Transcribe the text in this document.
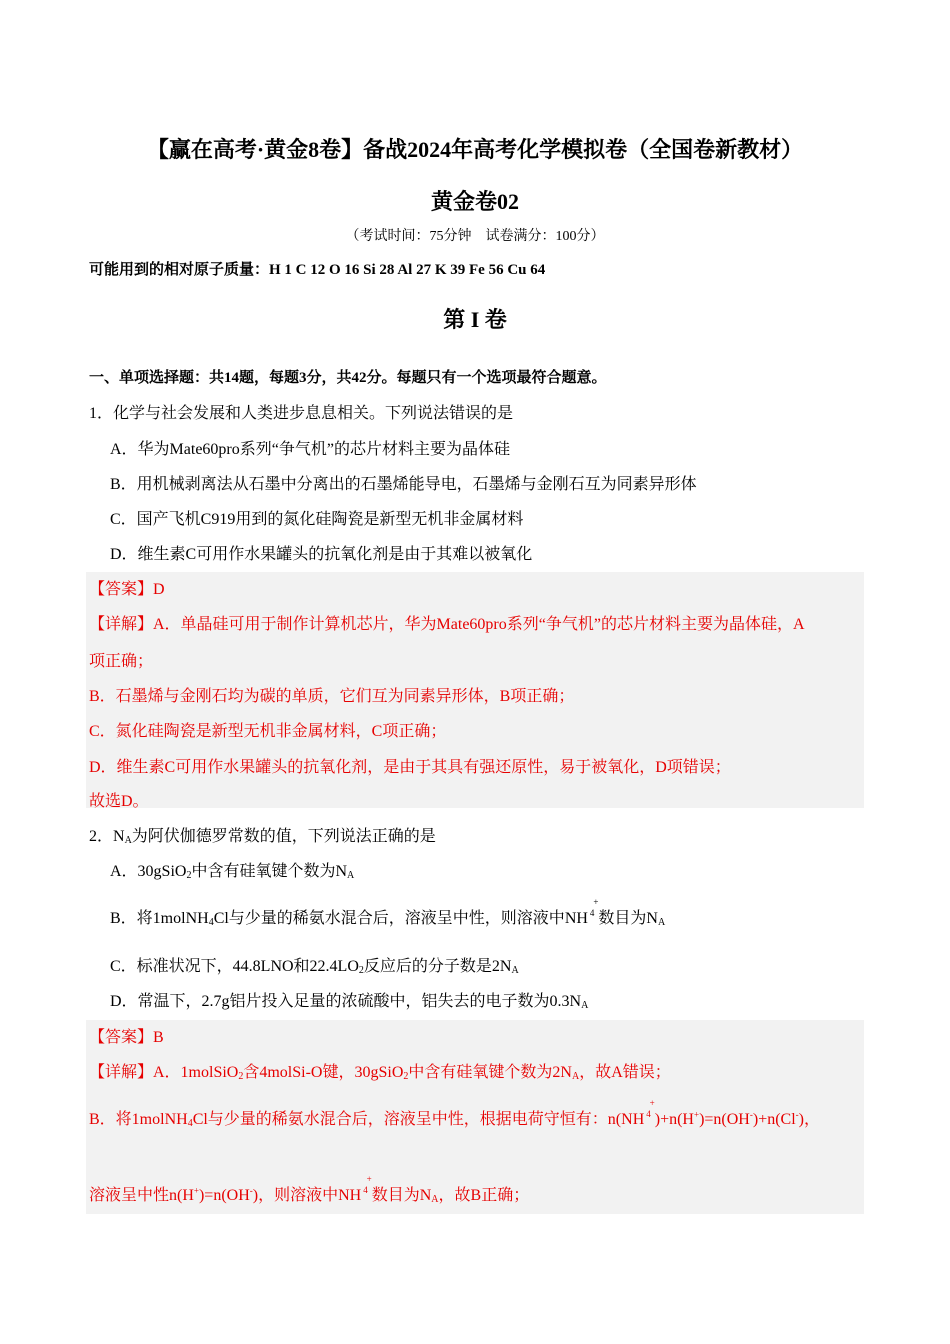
【赢在高考·黄金8卷】备战2024年高考化学模拟卷（全国卷新教材）
黄金卷02
（考试时间：75分钟　试卷满分：100分）
可能用到的相对原子质量：H 1 C 12 O 16 Si 28 Al 27 K 39 Fe 56 Cu 64
第 I 卷
一、单项选择题：共14题，每题3分，共42分。每题只有一个选项最符合题意。
1．化学与社会发展和人类进步息息相关。下列说法错误的是
A．华为Mate60pro系列“争气机”的芯片材料主要为晶体硅
B．用机械剥离法从石墨中分离出的石墨烯能导电，石墨烯与金刚石互为同素异形体
C．国产飞机C919用到的氮化硅陶瓷是新型无机非金属材料
D．维生素C可用作水果罐头的抗氧化剂是由于其难以被氧化
【答案】D
【详解】A．单晶硅可用于制作计算机芯片，华为Mate60pro系列“争气机”的芯片材料主要为晶体硅，A
项正确；
B．石墨烯与金刚石均为碳的单质，它们互为同素异形体，B项正确；
C．氮化硅陶瓷是新型无机非金属材料，C项正确；
D．维生素C可用作水果罐头的抗氧化剂，是由于其具有强还原性，易于被氧化，D项错误；
故选D。
2．$N_A$为阿伏伽德罗常数的值，下列说法正确的是
A．30gSiO$_2$中含有硅氧键个数为$N_A$
B．将1molNH$_4$Cl与少量的稀氨水混合后，溶液呈中性，则溶液中NH $^4$
+
数目为$N_A$
C．标准状况下，44.8LNO和$22.4LO_2$反应后的分子数是$2N_A$
D．常温下，2.7g铝片投入足量的浓硫酸中，铝失去的电子数为$0.3N_A$
【答案】B
【详解】A．1molSiO$_2$含4molSi-O键，30gSiO$_2$中含有硅氧键个数为$2N_A$，故A错误；
B．将1molNH$_4$Cl与少量的稀氨水混合后，溶液呈中性，根据电荷守恒有：n(NH $^4$
+
)+n(H+)=n(OH-)+n(Cl-)，
溶液呈中性n(H+)=n(OH-)，则溶液中NH $^4$
+
数目为$N_A$，故B正确；
